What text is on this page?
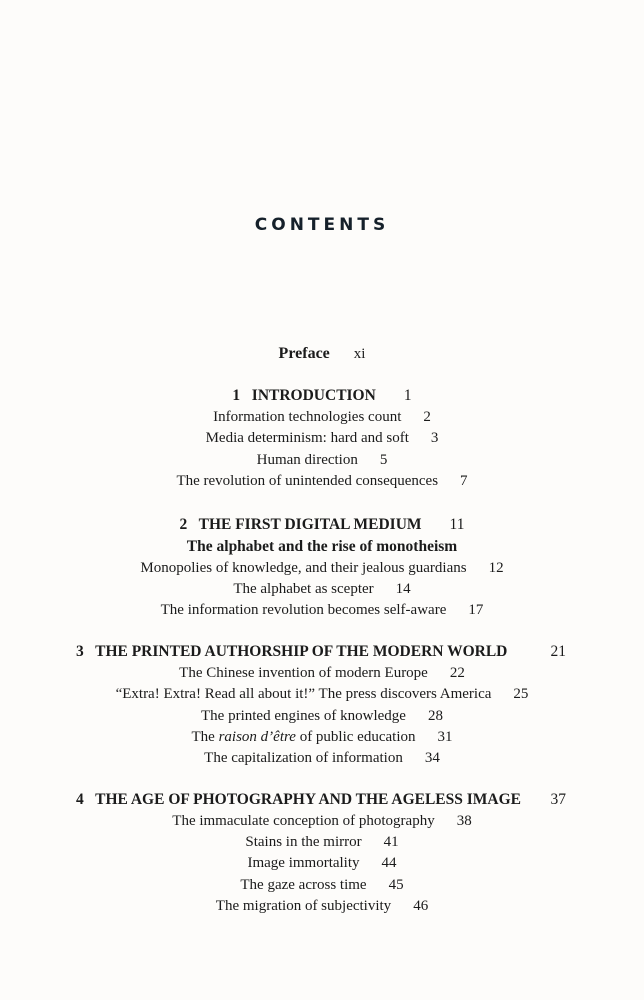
CONTENTS
Preface xi
1 INTRODUCTION 1
Information technologies count 2
Media determinism: hard and soft 3
Human direction 5
The revolution of unintended consequences 7
2 THE FIRST DIGITAL MEDIUM 11
The alphabet and the rise of monotheism
Monopolies of knowledge, and their jealous guardians 12
The alphabet as scepter 14
The information revolution becomes self-aware 17
3 THE PRINTED AUTHORSHIP OF THE MODERN WORLD	21
The Chinese invention of modern Europe 22
“Extra! Extra! Read all about it!” The press discovers America 25
The printed engines of knowledge 28
The raison d’être of public education 31
The capitalization of information 34
4 THE AGE OF PHOTOGRAPHY AND THE AGELESS IMAGE 37
The immaculate conception of photography 38
Stains in the mirror 41
Image immortality 44
The gaze across time 45
The migration of subjectivity 46
